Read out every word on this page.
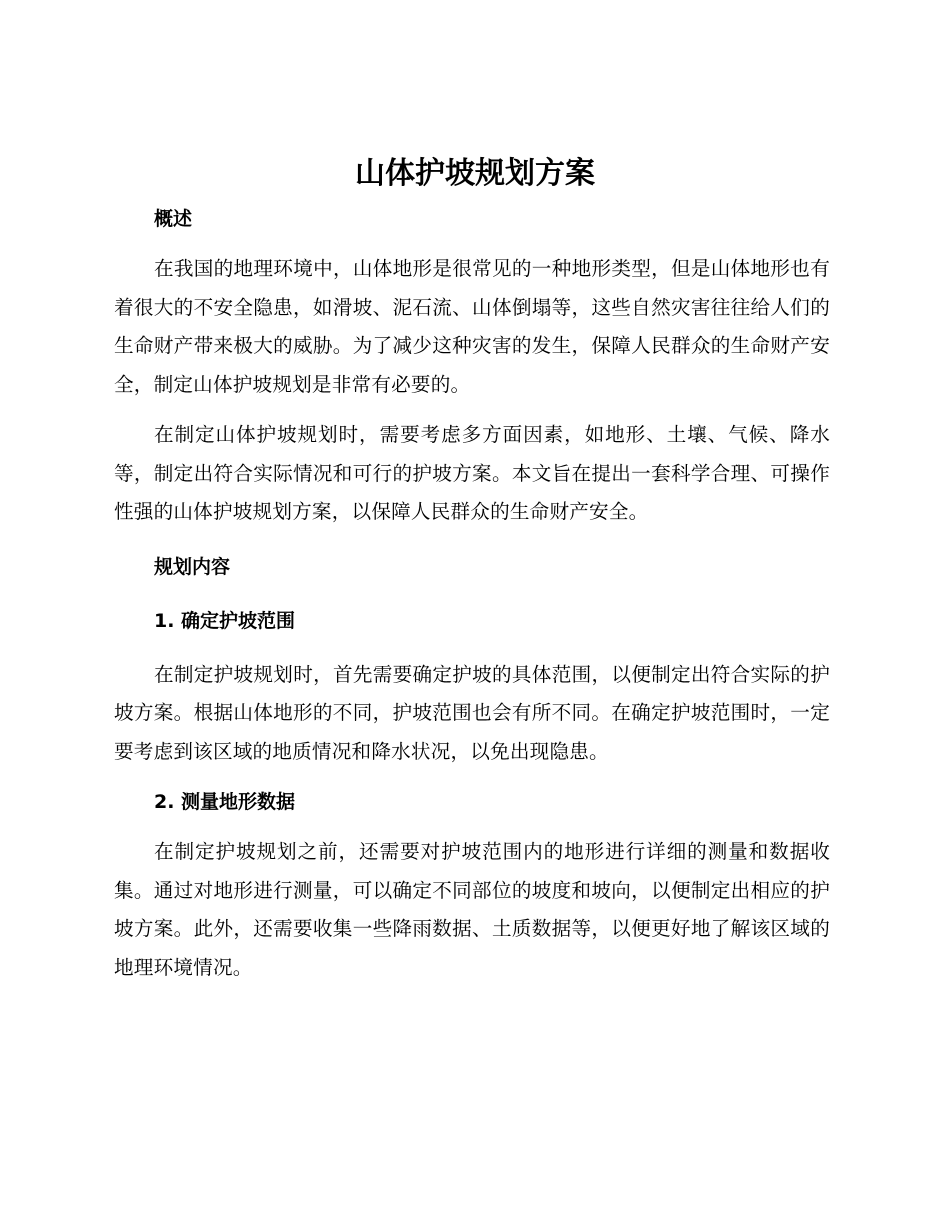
山体护坡规划方案

概述

在我国的地理环境中，山体地形是很常见的一种地形类型，但是山体地形也有着很大的不安全隐患，如滑坡、泥石流、山体倒塌等，这些自然灾害往往给人们的生命财产带来极大的威胁。为了减少这种灾害的发生，保障人民群众的生命财产安全，制定山体护坡规划是非常有必要的。

在制定山体护坡规划时，需要考虑多方面因素，如地形、土壤、气候、降水等，制定出符合实际情况和可行的护坡方案。本文旨在提出一套科学合理、可操作性强的山体护坡规划方案，以保障人民群众的生命财产安全。

规划内容

1. 确定护坡范围

在制定护坡规划时，首先需要确定护坡的具体范围，以便制定出符合实际的护坡方案。根据山体地形的不同，护坡范围也会有所不同。在确定护坡范围时，一定要考虑到该区域的地质情况和降水状况，以免出现隐患。

2. 测量地形数据

在制定护坡规划之前，还需要对护坡范围内的地形进行详细的测量和数据收集。通过对地形进行测量，可以确定不同部位的坡度和坡向，以便制定出相应的护坡方案。此外，还需要收集一些降雨数据、土质数据等，以便更好地了解该区域的地理环境情况。
